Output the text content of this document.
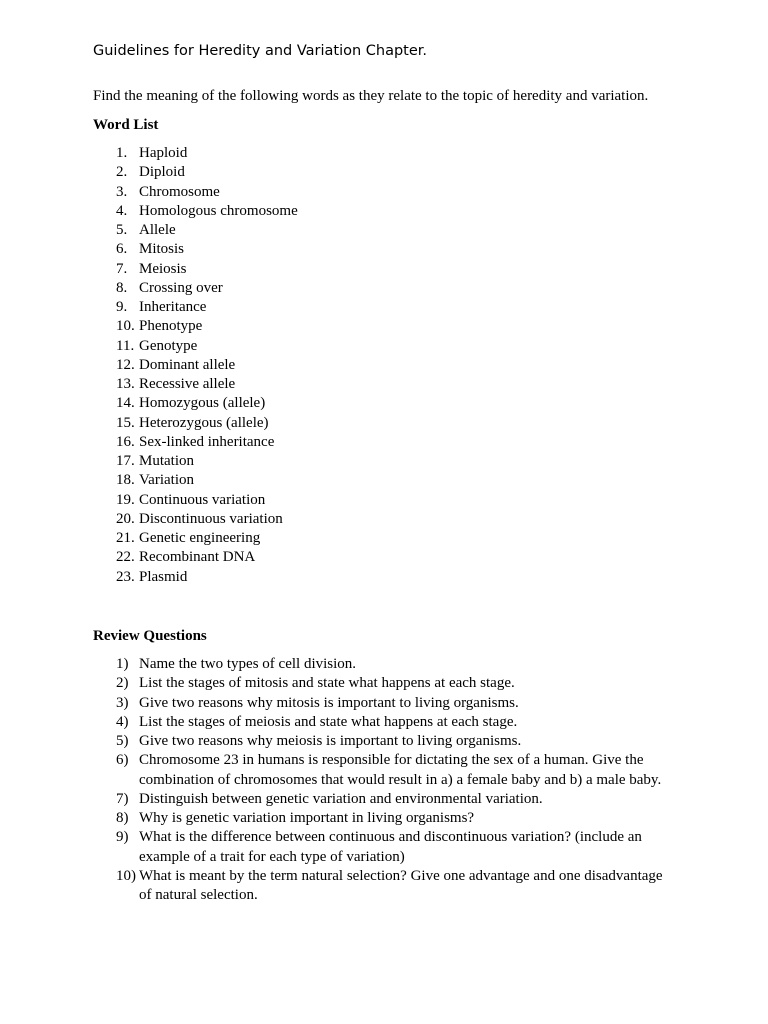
Guidelines for Heredity and Variation Chapter.
Find the meaning of the following words as they relate to the topic of heredity and variation.
Word List
1. Haploid
2. Diploid
3. Chromosome
4. Homologous chromosome
5. Allele
6. Mitosis
7. Meiosis
8. Crossing over
9. Inheritance
10. Phenotype
11. Genotype
12. Dominant allele
13. Recessive allele
14. Homozygous (allele)
15. Heterozygous (allele)
16. Sex-linked inheritance
17. Mutation
18. Variation
19. Continuous variation
20. Discontinuous variation
21. Genetic engineering
22. Recombinant DNA
23. Plasmid
Review Questions
1) Name the two types of cell division.
2) List the stages of mitosis and state what happens at each stage.
3) Give two reasons why mitosis is important to living organisms.
4) List the stages of meiosis and state what happens at each stage.
5) Give two reasons why meiosis is important to living organisms.
6) Chromosome 23 in humans is responsible for dictating the sex of a human. Give the combination of chromosomes that would result in a) a female baby and b) a male baby.
7) Distinguish between genetic variation and environmental variation.
8) Why is genetic variation important in living organisms?
9) What is the difference between continuous and discontinuous variation? (include an example of a trait for each type of variation)
10) What is meant by the term natural selection? Give one advantage and one disadvantage of natural selection.
